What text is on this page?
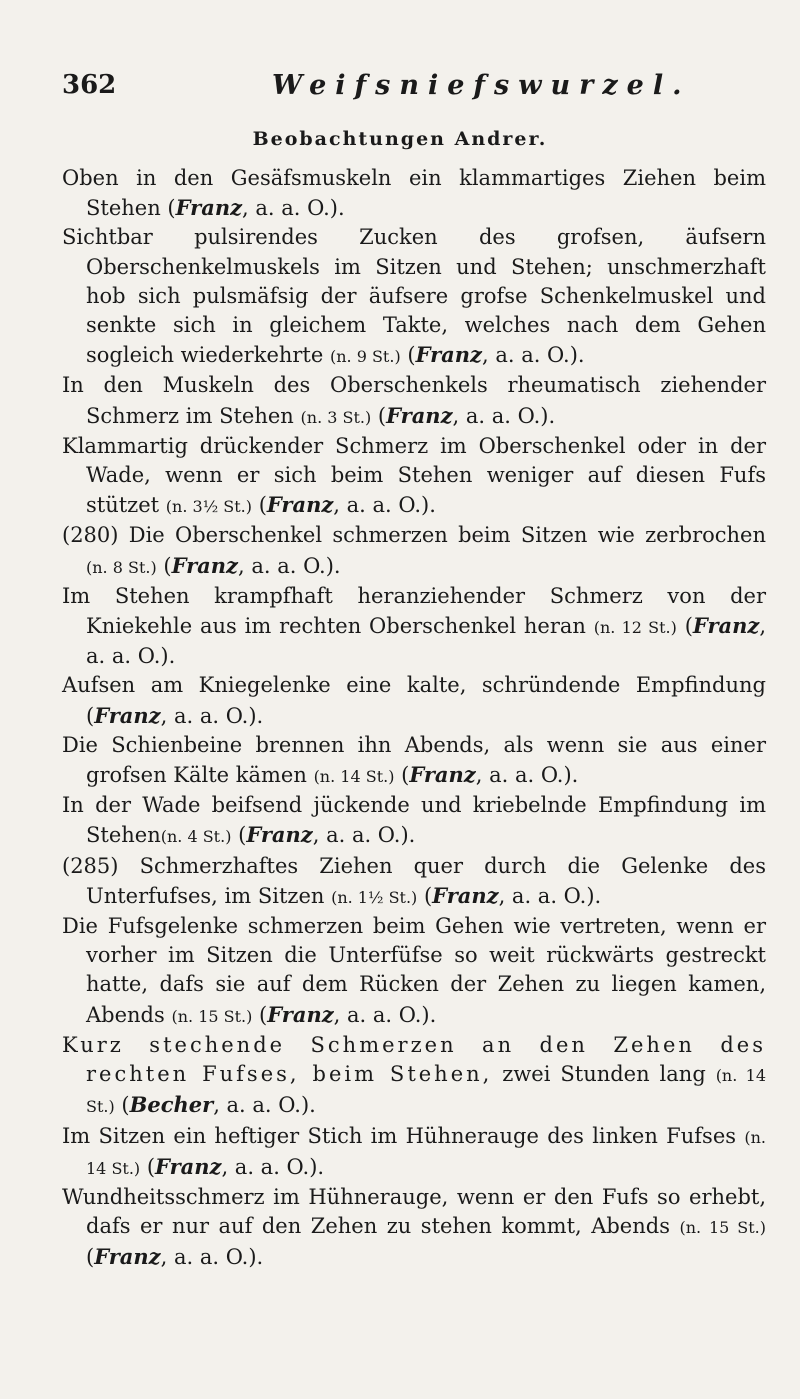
362	Weifsniefswurzel.
Beobachtungen Andrer.

Oben in den Gesäfsmuskeln ein klammartiges Ziehen beim Stehen (Franz, a. a. O.).

Sichtbar pulsirendes Zucken des grofsen, äufsern Oberschenkelmuskels im Sitzen und Stehen; unschmerzhaft hob sich pulsmäfsig der äufsere grofse Schenkelmuskel und senkte sich in gleichem Takte, welches nach dem Gehen sogleich wiederkehrte (n. 9 St.) (Franz, a. a. O.).

In den Muskeln des Oberschenkels rheumatisch ziehender Schmerz im Stehen (n. 3 St.) (Franz, a. a. O.).

Klammartig drückender Schmerz im Oberschenkel oder in der Wade, wenn er sich beim Stehen weniger auf diesen Fufs stützet (n. 3½ St.) (Franz, a. a. O.).

(280) Die Oberschenkel schmerzen beim Sitzen wie zerbrochen (n. 8 St.) (Franz, a. a. O.).

Im Stehen krampfhaft heranziehender Schmerz von der Kniekehle aus im rechten Oberschenkel heran (n. 12 St.) (Franz, a. a. O.).

Aufsen am Kniegelenke eine kalte, schründende Empfindung (Franz, a. a. O.).

Die Schienbeine brennen ihn Abends, als wenn sie aus einer grofsen Kälte kämen (n. 14 St.) (Franz, a. a. O.).

In der Wade beifsend jückende und kriebelnde Empfindung im Stehen(n. 4 St.) (Franz, a. a. O.).

(285) Schmerzhaftes Ziehen quer durch die Gelenke des Unterfufses, im Sitzen (n. 1½ St.) (Franz, a. a. O.).

Die Fufsgelenke schmerzen beim Gehen wie vertreten, wenn er vorher im Sitzen die Unterfüfse so weit rückwärts gestreckt hatte, dafs sie auf dem Rücken der Zehen zu liegen kamen, Abends (n. 15 St.) (Franz, a. a. O.).

Kurz stechende Schmerzen an den Zehen des rechten Fufses, beim Stehen, zwei Stunden lang (n. 14 St.) (Becher, a. a. O.).

Im Sitzen ein heftiger Stich im Hühnerauge des linken Fufses (n. 14 St.) (Franz, a. a. O.).

Wundheitsschmerz im Hühnerauge, wenn er den Fufs so erhebt, dafs er nur auf den Zehen zu stehen kommt, Abends (n. 15 St.) (Franz, a. a. O.).
